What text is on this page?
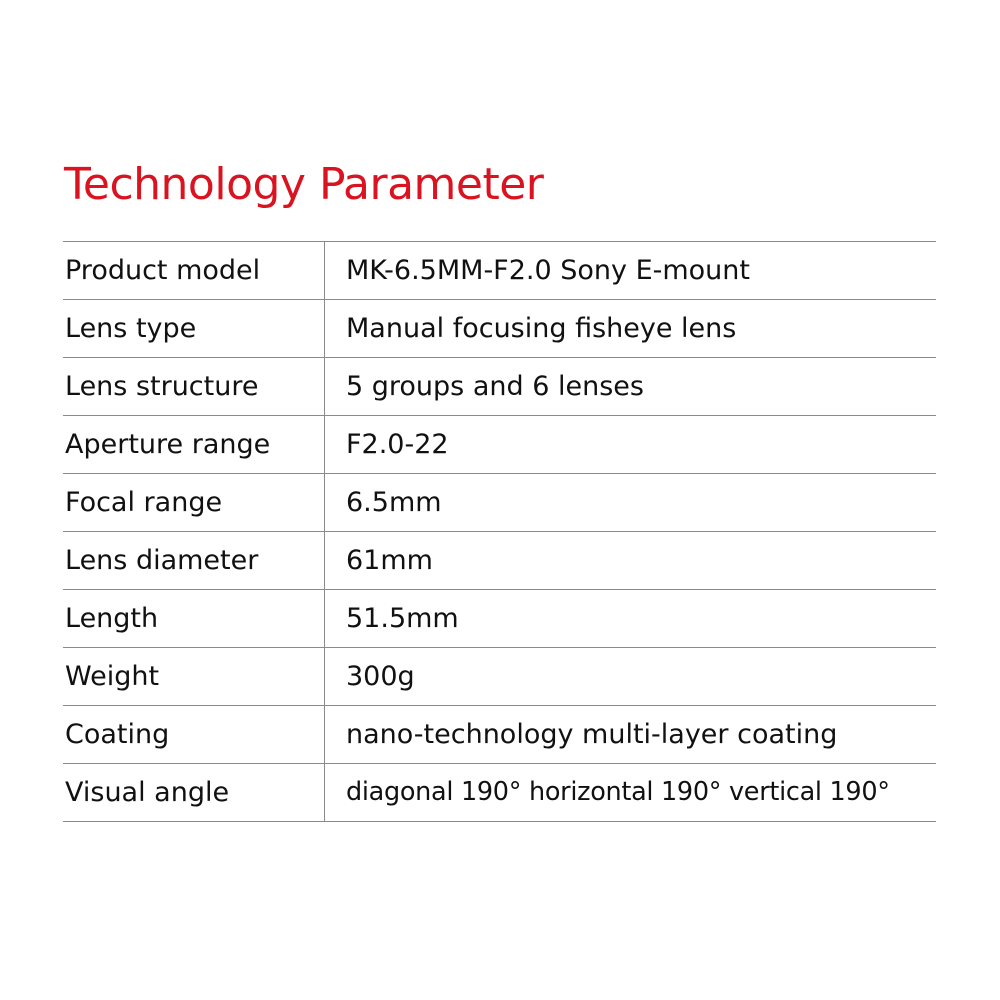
Technology Parameter
Product model	MK-6.5MM-F2.0 Sony E-mount
Lens type	Manual focusing fisheye lens
Lens structure	5 groups and 6 lenses
Aperture range	F2.0-22
Focal range	6.5mm
Lens diameter	61mm
Length	51.5mm
Weight	300g
Coating	nano-technology multi-layer coating
Visual angle	diagonal 190° horizontal 190° vertical 190°
